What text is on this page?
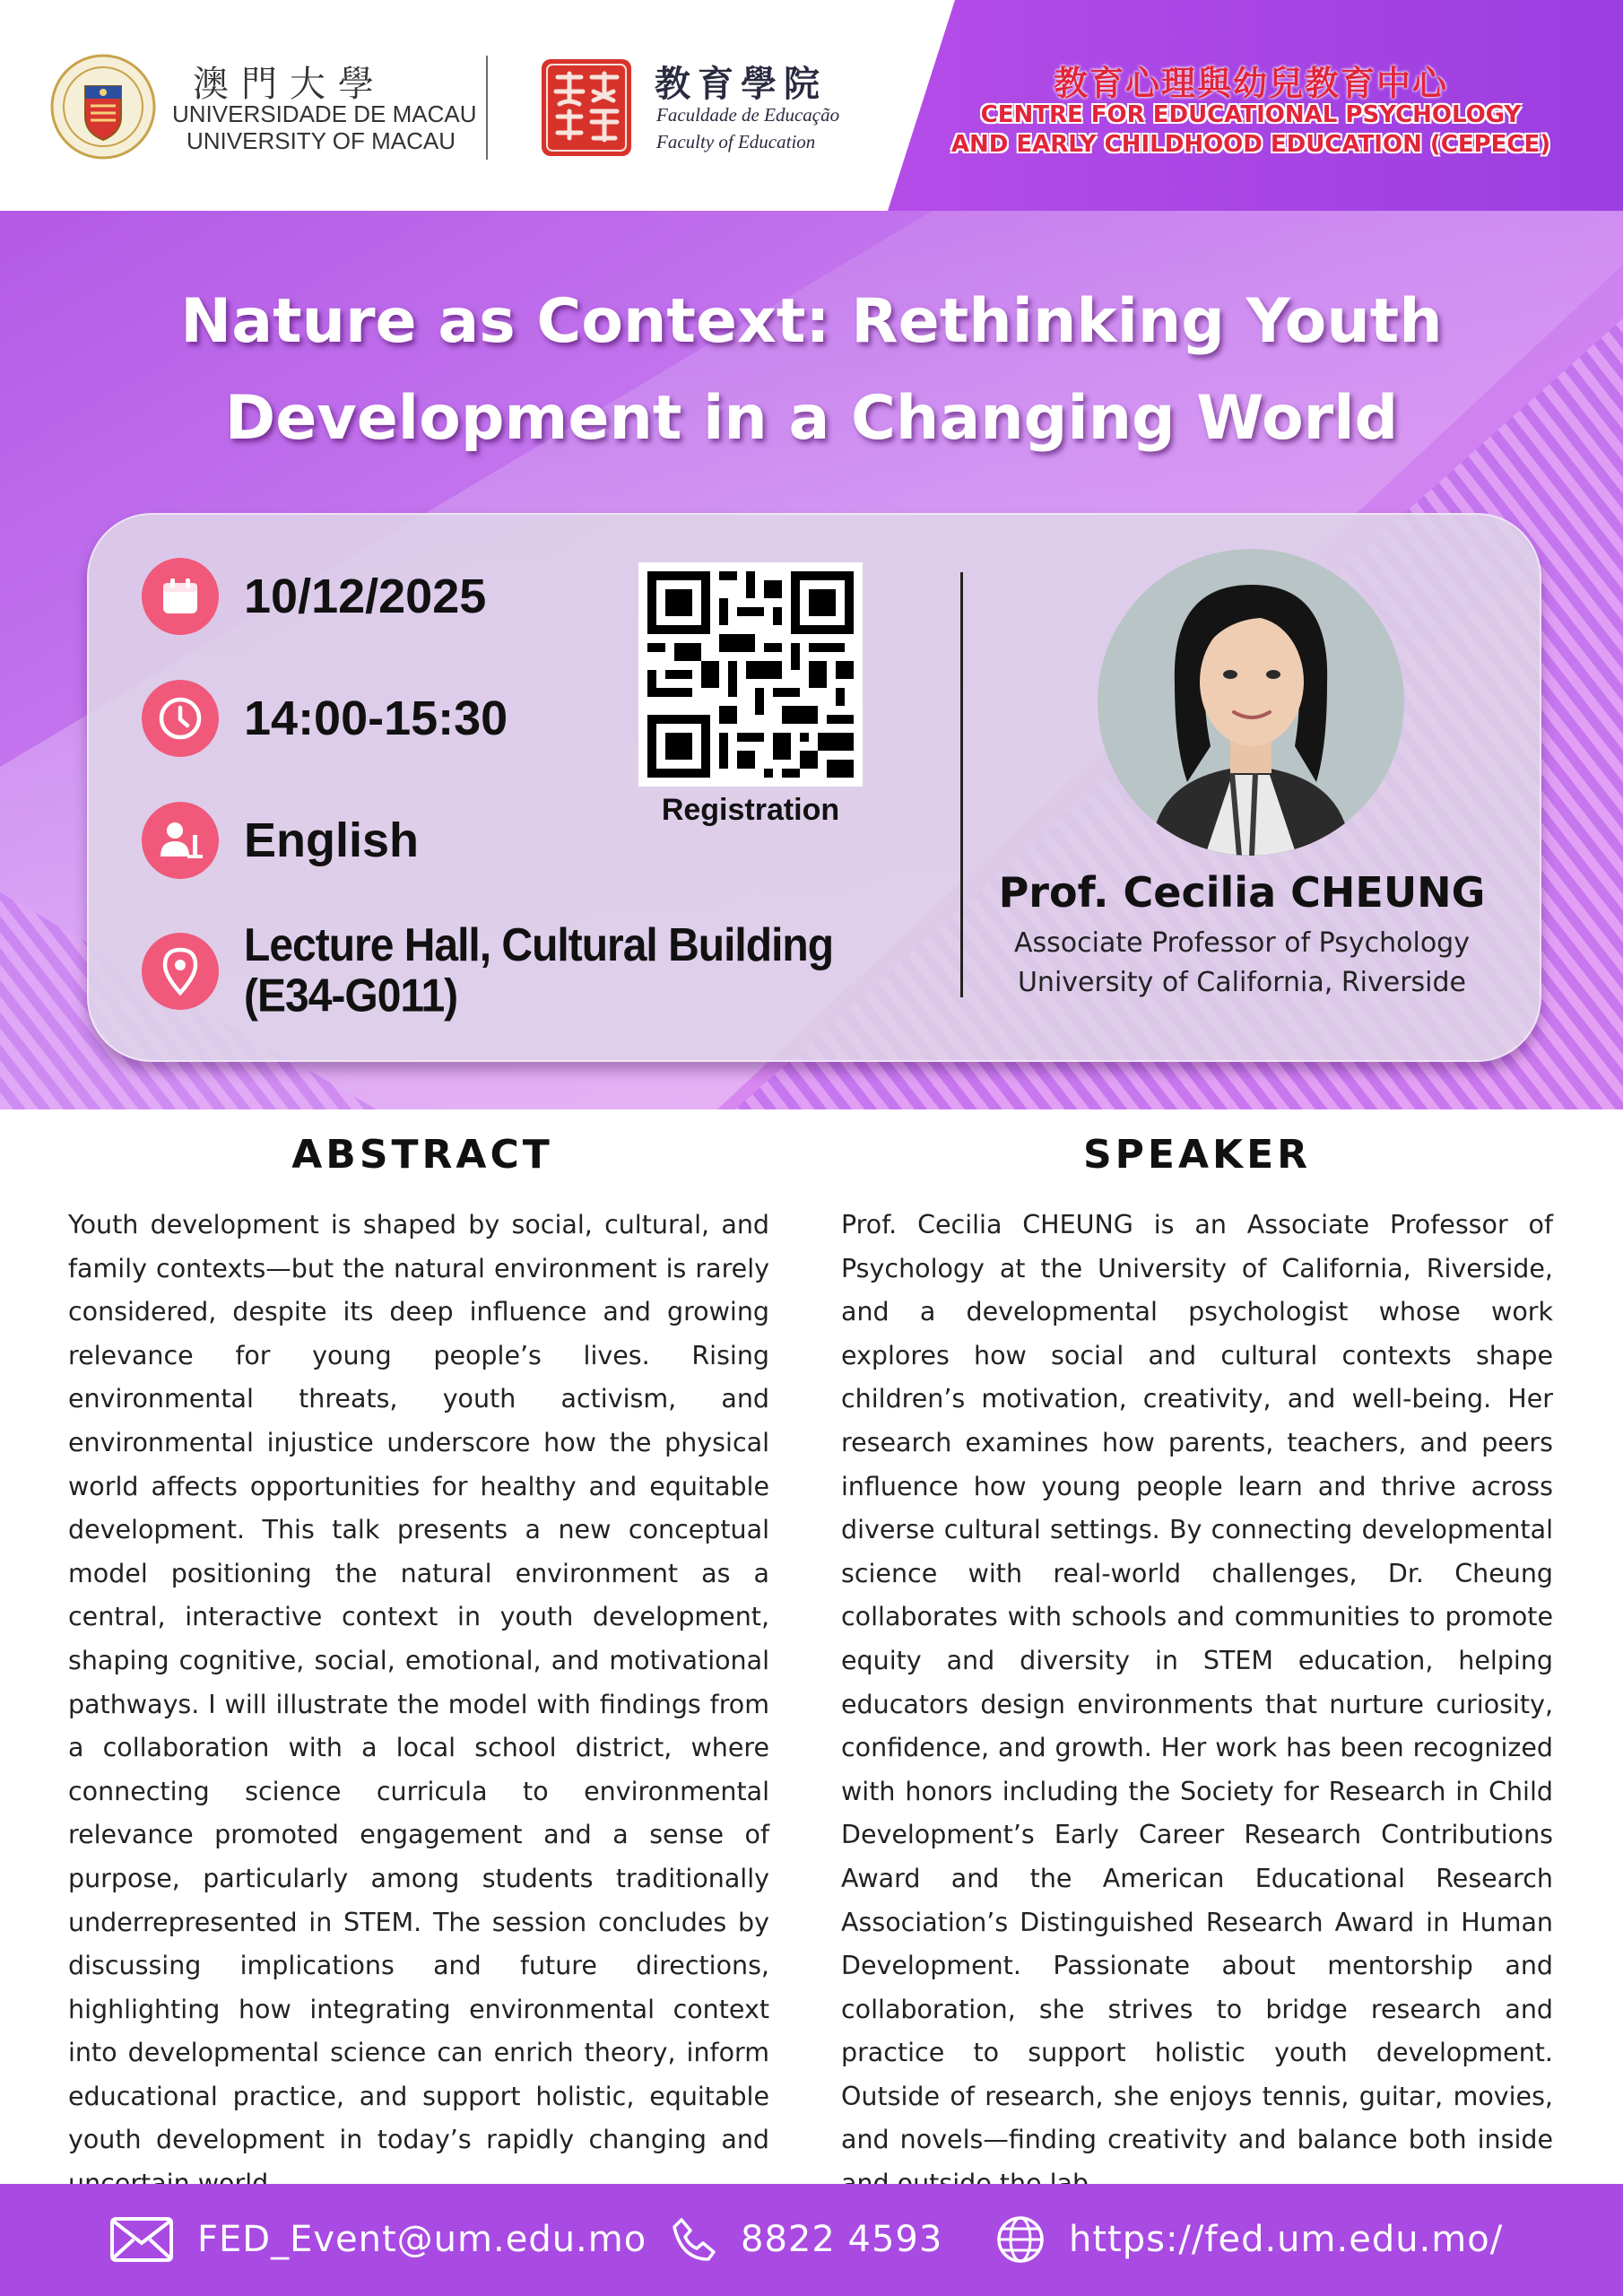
澳門大學
UNIVERSIDADE DE MACAU
UNIVERSITY OF MACAU
教育學院
Faculdade de Educação
Faculty of Education
教育心理與幼兒教育中心
CENTRE FOR EDUCATIONAL PSYCHOLOGY
AND EARLY CHILDHOOD EDUCATION (CEPECE)
Nature as Context: Rethinking Youth
Development in a Changing World
10/12/2025
14:00-15:30
English
Lecture Hall, Cultural Building
(E34-G011)
Registration
Prof. Cecilia CHEUNG
Associate Professor of Psychology
University of California, Riverside
ABSTRACT
Youth development is shaped by social, cultural, and family contexts—but the natural environment is rarely considered, despite its deep influence and growing relevance for young people’s lives. Rising environmental threats, youth activism, and environmental injustice underscore how the physical world affects opportunities for healthy and equitable development. This talk presents a new conceptual model positioning the natural environment as a central, interactive context in youth development, shaping cognitive, social, emotional, and motivational pathways. I will illustrate the model with findings from a collaboration with a local school district, where connecting science curricula to environmental relevance promoted engagement and a sense of purpose, particularly among students traditionally underrepresented in STEM. The session concludes by discussing implications and future directions, highlighting how integrating environmental context into developmental science can enrich theory, inform educational practice, and support holistic, equitable youth development in today’s rapidly changing and
SPEAKER
Prof. Cecilia CHEUNG is an Associate Professor of Psychology at the University of California, Riverside, and a developmental psychologist whose work explores how social and cultural contexts shape children’s motivation, creativity, and well-being. Her research examines how parents, teachers, and peers influence how young people learn and thrive across diverse cultural settings. By connecting developmental science with real-world challenges, Dr. Cheung collaborates with schools and communities to promote equity and diversity in STEM education, helping educators design environments that nurture curiosity, confidence, and growth. Her work has been recognized with honors including the Society for Research in Child Development’s Early Career Research Contributions Award and the American Educational Research Association’s Distinguished Research Award in Human Development. Passionate about mentorship and collaboration, she strives to bridge research and practice to support holistic youth development. Outside of research, she enjoys tennis, guitar, movies, and novels—finding creativity and balance both inside
FED_Event@um.edu.mo	8822 4593	https://fed.um.edu.mo/
